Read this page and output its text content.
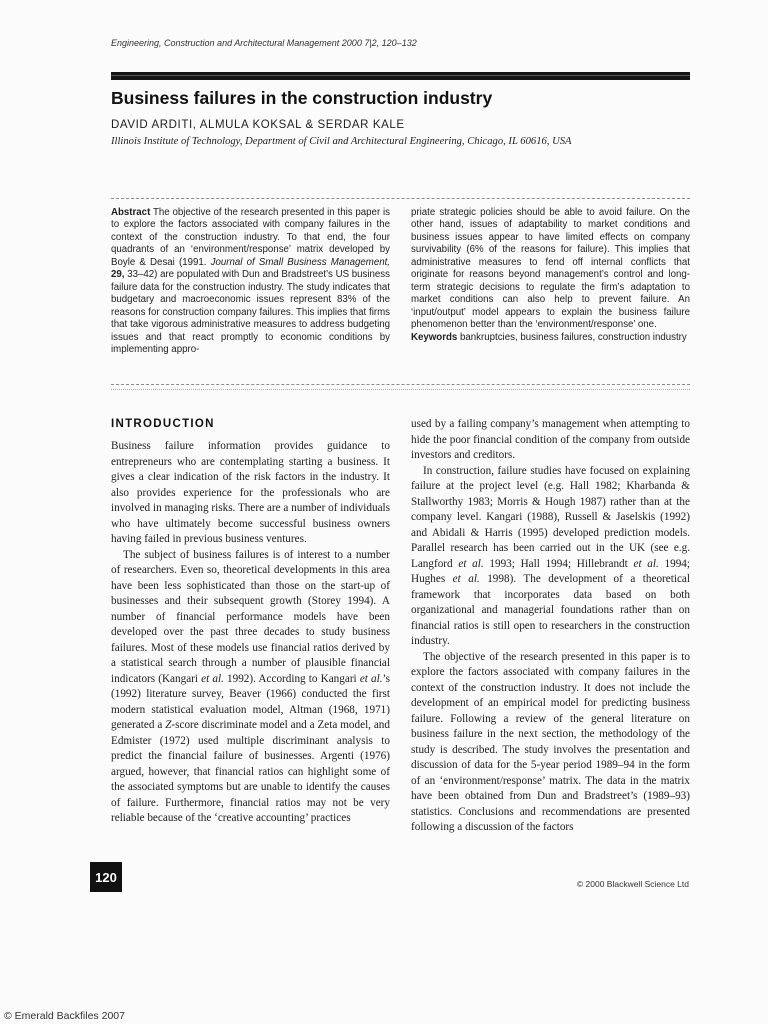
Engineering, Construction and Architectural Management 2000 7|2, 120–132
Business failures in the construction industry
DAVID ARDITI, ALMULA KOKSAL & SERDAR KALE
Illinois Institute of Technology, Department of Civil and Architectural Engineering, Chicago, IL 60616, USA

Abstract The objective of the research presented in this paper is to explore the factors associated with company failures in the context of the construction industry. To that end, the four quadrants of an ‘environment/response’ matrix developed by Boyle & Desai (1991. Journal of Small Business Management, 29, 33–42) are populated with Dun and Bradstreet’s US business failure data for the construction industry. The study indicates that budgetary and macroeconomic issues represent 83% of the reasons for construction company failures. This implies that firms that take vigorous administrative measures to address budgeting issues and that react promptly to economic conditions by implementing appro-

priate strategic policies should be able to avoid failure. On the other hand, issues of adaptability to market conditions and business issues appear to have limited effects on company survivability (6% of the reasons for failure). This implies that administrative measures to fend off internal conflicts that originate for reasons beyond management’s control and long-term strategic decisions to regulate the firm’s adaptation to market conditions can also help to prevent failure. An ‘input/output’ model appears to explain the business failure phenomenon better than the ‘environment/response’ one.

Keywords bankruptcies, business failures, construction industry

INTRODUCTION

Business failure information provides guidance to entrepreneurs who are contemplating starting a business. It gives a clear indication of the risk factors in the industry. It also provides experience for the professionals who are involved in managing risks. There are a number of individuals who have ultimately become successful business owners having failed in previous business ventures.

The subject of business failures is of interest to a number of researchers. Even so, theoretical developments in this area have been less sophisticated than those on the start-up of businesses and their subsequent growth (Storey 1994). A number of financial performance models have been developed over the past three decades to study business failures. Most of these models use financial ratios derived by a statistical search through a number of plausible financial indicators (Kangari et al. 1992). According to Kangari et al.’s (1992) literature survey, Beaver (1966) conducted the first modern statistical evaluation model, Altman (1968, 1971) generated a Z-score discriminate model and a Zeta model, and Edmister (1972) used multiple discriminant analysis to predict the financial failure of businesses. Argenti (1976) argued, however, that financial ratios can highlight some of the associated symptoms but are unable to identify the causes of failure. Furthermore, financial ratios may not be very reliable because of the ‘creative accounting’ practices

used by a failing company’s management when attempting to hide the poor financial condition of the company from outside investors and creditors.

In construction, failure studies have focused on explaining failure at the project level (e.g. Hall 1982; Kharbanda & Stallworthy 1983; Morris & Hough 1987) rather than at the company level. Kangari (1988), Russell & Jaselskis (1992) and Abidali & Harris (1995) developed prediction models. Parallel research has been carried out in the UK (see e.g. Langford et al. 1993; Hall 1994; Hillebrandt et al. 1994; Hughes et al. 1998). The development of a theoretical framework that incorporates data based on both organizational and managerial foundations rather than on financial ratios is still open to researchers in the construction industry.

The objective of the research presented in this paper is to explore the factors associated with company failures in the context of the construction industry. It does not include the development of an empirical model for predicting business failure. Following a review of the general literature on business failure in the next section, the methodology of the study is described. The study involves the presentation and discussion of data for the 5-year period 1989–94 in the form of an ‘environment/response’ matrix. The data in the matrix have been obtained from Dun and Bradstreet’s (1989–93) statistics. Conclusions and recommendations are presented following a discussion of the factors

120	© 2000 Blackwell Science Ltd
© Emerald Backfiles 2007
